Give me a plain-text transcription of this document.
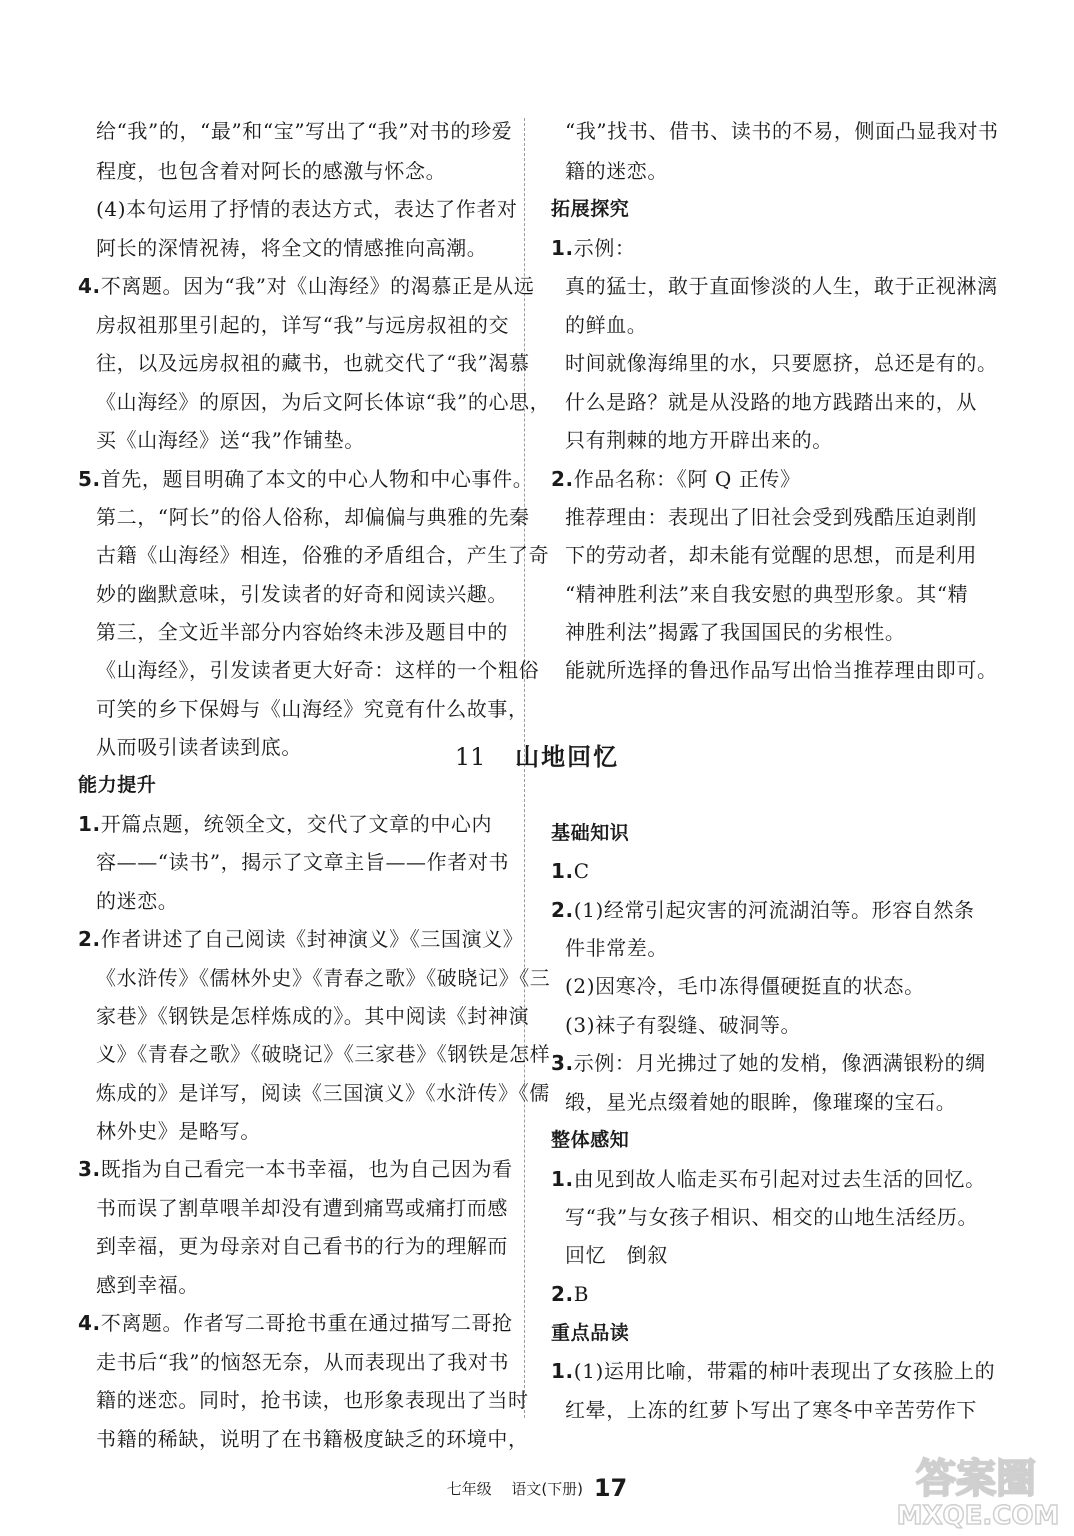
给“我”的，“最”和“宝”写出了“我”对书的珍爱
程度，也包含着对阿长的感激与怀念。
(4)本句运用了抒情的表达方式，表达了作者对
阿长的深情祝祷，将全文的情感推向高潮。
4.不离题。因为“我”对《山海经》的渴慕正是从远
房叔祖那里引起的，详写“我”与远房叔祖的交
往，以及远房叔祖的藏书，也就交代了“我”渴慕
《山海经》的原因，为后文阿长体谅“我”的心思，
买《山海经》送“我”作铺垫。
5.首先，题目明确了本文的中心人物和中心事件。
第二，“阿长”的俗人俗称，却偏偏与典雅的先秦
古籍《山海经》相连，俗雅的矛盾组合，产生了奇
妙的幽默意味，引发读者的好奇和阅读兴趣。
第三，全文近半部分内容始终未涉及题目中的
《山海经》，引发读者更大好奇：这样的一个粗俗
可笑的乡下保姆与《山海经》究竟有什么故事，
从而吸引读者读到底。
能力提升
1.开篇点题，统领全文，交代了文章的中心内
容——“读书”，揭示了文章主旨——作者对书
的迷恋。
2.作者讲述了自己阅读《封神演义》《三国演义》
《水浒传》《儒林外史》《青春之歌》《破晓记》《三
家巷》《钢铁是怎样炼成的》。其中阅读《封神演
义》《青春之歌》《破晓记》《三家巷》《钢铁是怎样
炼成的》是详写，阅读《三国演义》《水浒传》《儒
林外史》是略写。
3.既指为自己看完一本书幸福，也为自己因为看
书而误了割草喂羊却没有遭到痛骂或痛打而感
到幸福，更为母亲对自己看书的行为的理解而
感到幸福。
4.不离题。作者写二哥抢书重在通过描写二哥抢
走书后“我”的恼怒无奈，从而表现出了我对书
籍的迷恋。同时，抢书读，也形象表现出了当时
书籍的稀缺，说明了在书籍极度缺乏的环境中，
“我”找书、借书、读书的不易，侧面凸显我对书
籍的迷恋。
拓展探究
1.示例：
真的猛士，敢于直面惨淡的人生，敢于正视淋漓
的鲜血。
时间就像海绵里的水，只要愿挤，总还是有的。
什么是路？就是从没路的地方践踏出来的，从
只有荆棘的地方开辟出来的。
2.作品名称：《阿 Q 正传》
推荐理由：表现出了旧社会受到残酷压迫剥削
下的劳动者，却未能有觉醒的思想，而是利用
“精神胜利法”来自我安慰的典型形象。其“精
神胜利法”揭露了我国国民的劣根性。
能就所选择的鲁迅作品写出恰当推荐理由即可。
基础知识
1.C
2.(1)经常引起灾害的河流湖泊等。形容自然条
件非常差。
(2)因寒冷，毛巾冻得僵硬挺直的状态。
(3)袜子有裂缝、破洞等。
3.示例：月光拂过了她的发梢，像洒满银粉的绸
缎，星光点缀着她的眼眸，像璀璨的宝石。
整体感知
1.由见到故人临走买布引起对过去生活的回忆。
写“我”与女孩子相识、相交的山地生活经历。
回忆　倒叙
2.B
重点品读
1.(1)运用比喻，带霜的柿叶表现出了女孩脸上的
红晕，上冻的红萝卜写出了寒冬中辛苦劳作下
11 山地回忆
七年级 语文(下册) 17	答案圈
MXQE.COM
